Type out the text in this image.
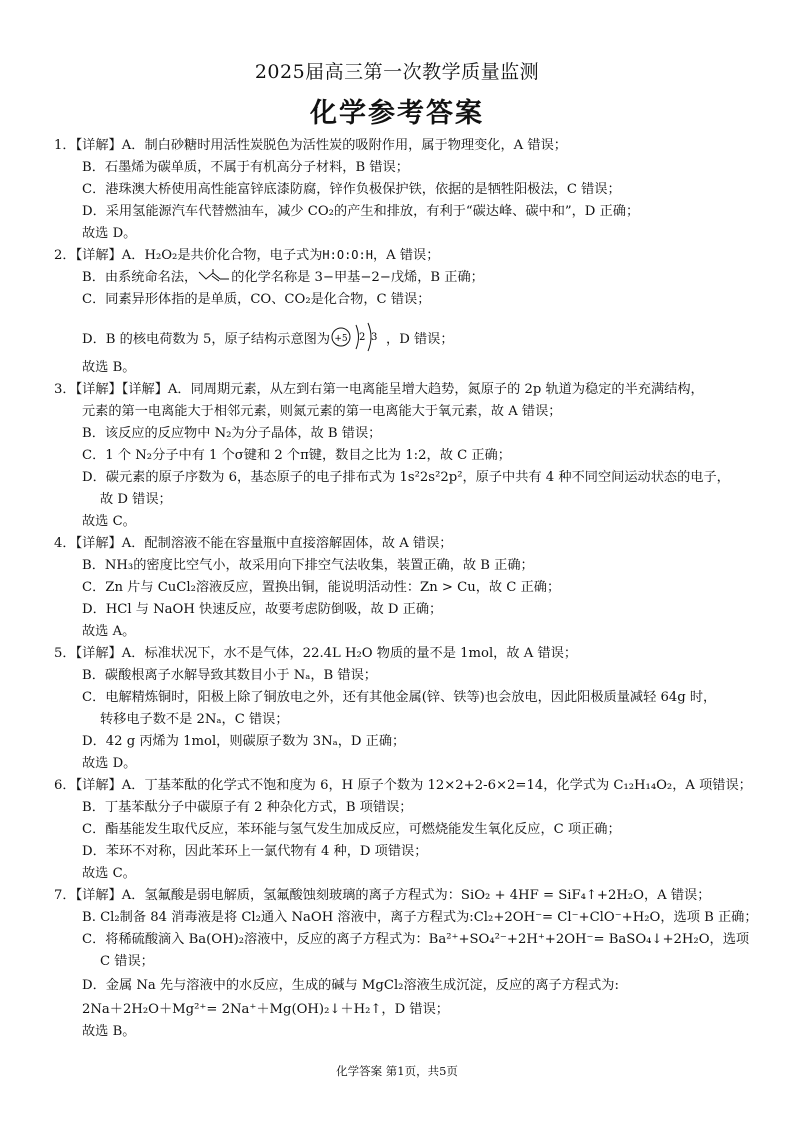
2025届高三第一次教学质量监测
化学参考答案
1．【详解】A．制白砂糖时用活性炭脱色为活性炭的吸附作用，属于物理变化，A 错误；
B．石墨烯为碳单质，不属于有机高分子材料，B 错误；
C．港珠澳大桥使用高性能富锌底漆防腐，锌作负极保护铁，依据的是牺牲阳极法，C 错误；
D．采用氢能源汽车代替燃油车，减少 CO₂的产生和排放，有利于“碳达峰、碳中和”，D 正确；
故选 D。
2．【详解】A．H₂O₂是共价化合物，电子式为H:O:O:H，A 错误；
B．由系统命名法，	的化学名称是 3−甲基−2−戊烯，B 正确；
C．同素异形体指的是单质，CO、CO₂是化合物，C 错误；
D．B 的核电荷数为 5，原子结构示意图为 +5 2 3 ，D 错误；
故选 B。
3．【详解】【详解】A．同周期元素，从左到右第一电离能呈增大趋势，氮原子的 2p 轨道为稳定的半充满结构，
元素的第一电离能大于相邻元素，则氮元素的第一电离能大于氧元素，故 A 错误；
B．该反应的反应物中 N₂为分子晶体，故 B 错误；
C．1 个 N₂分子中有 1 个σ键和 2 个π键，数目之比为 1:2，故 C 正确；
D．碳元素的原子序数为 6，基态原子的电子排布式为 1s²2s²2p²，原子中共有 4 种不同空间运动状态的电子，
故 D 错误；
故选 C。
4．【详解】A．配制溶液不能在容量瓶中直接溶解固体，故 A 错误；
B．NH₃的密度比空气小，故采用向下排空气法收集，装置正确，故 B 正确；
C．Zn 片与 CuCl₂溶液反应，置换出铜，能说明活动性：Zn > Cu，故 C 正确；
D．HCl 与 NaOH 快速反应，故要考虑防倒吸，故 D 正确；
故选 A。
5．【详解】A．标准状况下，水不是气体，22.4L H₂O 物质的量不是 1mol，故 A 错误；
B．碳酸根离子水解导致其数目小于 Nₐ，B 错误；
C．电解精炼铜时，阳极上除了铜放电之外，还有其他金属(锌、铁等)也会放电，因此阳极质量减轻 64g 时，
转移电子数不是 2Nₐ，C 错误；
D．42 g 丙烯为 1mol，则碳原子数为 3Nₐ，D 正确；
故选 D。
6．【详解】A．丁基苯酞的化学式不饱和度为 6，H 原子个数为 12×2+2-6×2=14，化学式为 C₁₂H₁₄O₂，A 项错误；
B．丁基苯酞分子中碳原子有 2 种杂化方式，B 项错误；
C．酯基能发生取代反应，苯环能与氢气发生加成反应，可燃烧能发生氧化反应，C 项正确；
D．苯环不对称，因此苯环上一氯代物有 4 种，D 项错误；
故选 C。
7．【详解】A．氢氟酸是弱电解质，氢氟酸蚀刻玻璃的离子方程式为：SiO₂ + 4HF = SiF₄↑+2H₂O，A 错误；
B. Cl₂制备 84 消毒液是将 Cl₂通入 NaOH 溶液中，离子方程式为:Cl₂+2OH⁻= Cl⁻+ClO⁻+H₂O，选项 B 正确；
C．将稀硫酸滴入 Ba(OH)₂溶液中，反应的离子方程式为：Ba²⁺+SO₄²⁻+2H⁺+2OH⁻= BaSO₄↓+2H₂O，选项
C 错误；
D．金属 Na 先与溶液中的水反应，生成的碱与 MgCl₂溶液生成沉淀，反应的离子方程式为:
2Na＋2H₂O＋Mg²⁺= 2Na⁺＋Mg(OH)₂↓＋H₂↑，D 错误；
故选 B。
化学答案 第1页，共5页
